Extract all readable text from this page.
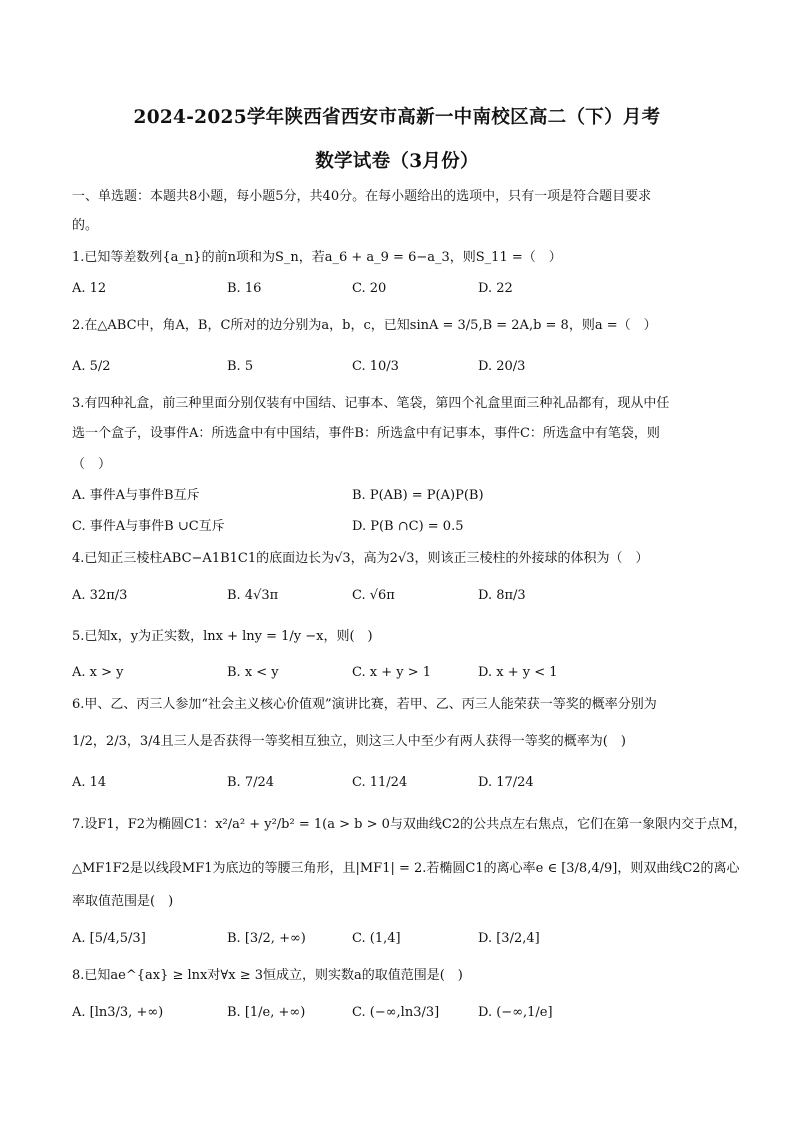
2024-2025学年陕西省西安市高新一中南校区高二（下）月考
数学试卷（3月份）
一、单选题：本题共8小题，每小题5分，共40分。在每小题给出的选项中，只有一项是符合题目要求
的。
1.已知等差数列{a_n}的前n项和为S_n，若a_6 + a_9 = 6−a_3，则S_11 =（　）
A. 12	B. 16	C. 20	D. 22
2.在△ABC中，角A，B，C所对的边分别为a，b，c，已知sinA = 3/5,B = 2A,b = 8，则a =（　）
A. 5/2	B. 5	C. 10/3	D. 20/3
3.有四种礼盒，前三种里面分别仅装有中国结、记事本、笔袋，第四个礼盒里面三种礼品都有，现从中任
选一个盒子，设事件A：所选盒中有中国结，事件B：所选盒中有记事本，事件C：所选盒中有笔袋，则
（　）
A. 事件A与事件B互斥	B. P(AB) = P(A)P(B)
C. 事件A与事件B ∪C互斥	D. P(B ∩C) = 0.5
4.已知正三棱柱ABC−A1B1C1的底面边长为√3，高为2√3，则该正三棱柱的外接球的体积为（　）
A. 32π/3	B. 4√3π	C. √6π	D. 8π/3
5.已知x，y为正实数，lnx + lny = 1/y −x，则(　)
A. x > y	B. x < y	C. x + y > 1	D. x + y < 1
6.甲、乙、丙三人参加“社会主义核心价值观”演讲比赛，若甲、乙、丙三人能荣获一等奖的概率分别为
1/2，2/3，3/4且三人是否获得一等奖相互独立，则这三人中至少有两人获得一等奖的概率为(　)
A. 14	B. 7/24	C. 11/24	D. 17/24
7.设F1，F2为椭圆C1：x²/a² + y²/b² = 1(a > b > 0与双曲线C2的公共点左右焦点，它们在第一象限内交于点M，
△MF1F2是以线段MF1为底边的等腰三角形，且|MF1| = 2.若椭圆C1的离心率e ∈ [3/8,4/9]，则双曲线C2的离心
率取值范围是(　)
A. [5/4,5/3]	B. [3/2, +∞)	C. (1,4]	D. [3/2,4]
8.已知ae^{ax} ≥ lnx对∀x ≥ 3恒成立，则实数a的取值范围是(　)
A. [ln3/3, +∞)	B. [1/e, +∞)	C. (−∞,ln3/3]	D. (−∞,1/e]
